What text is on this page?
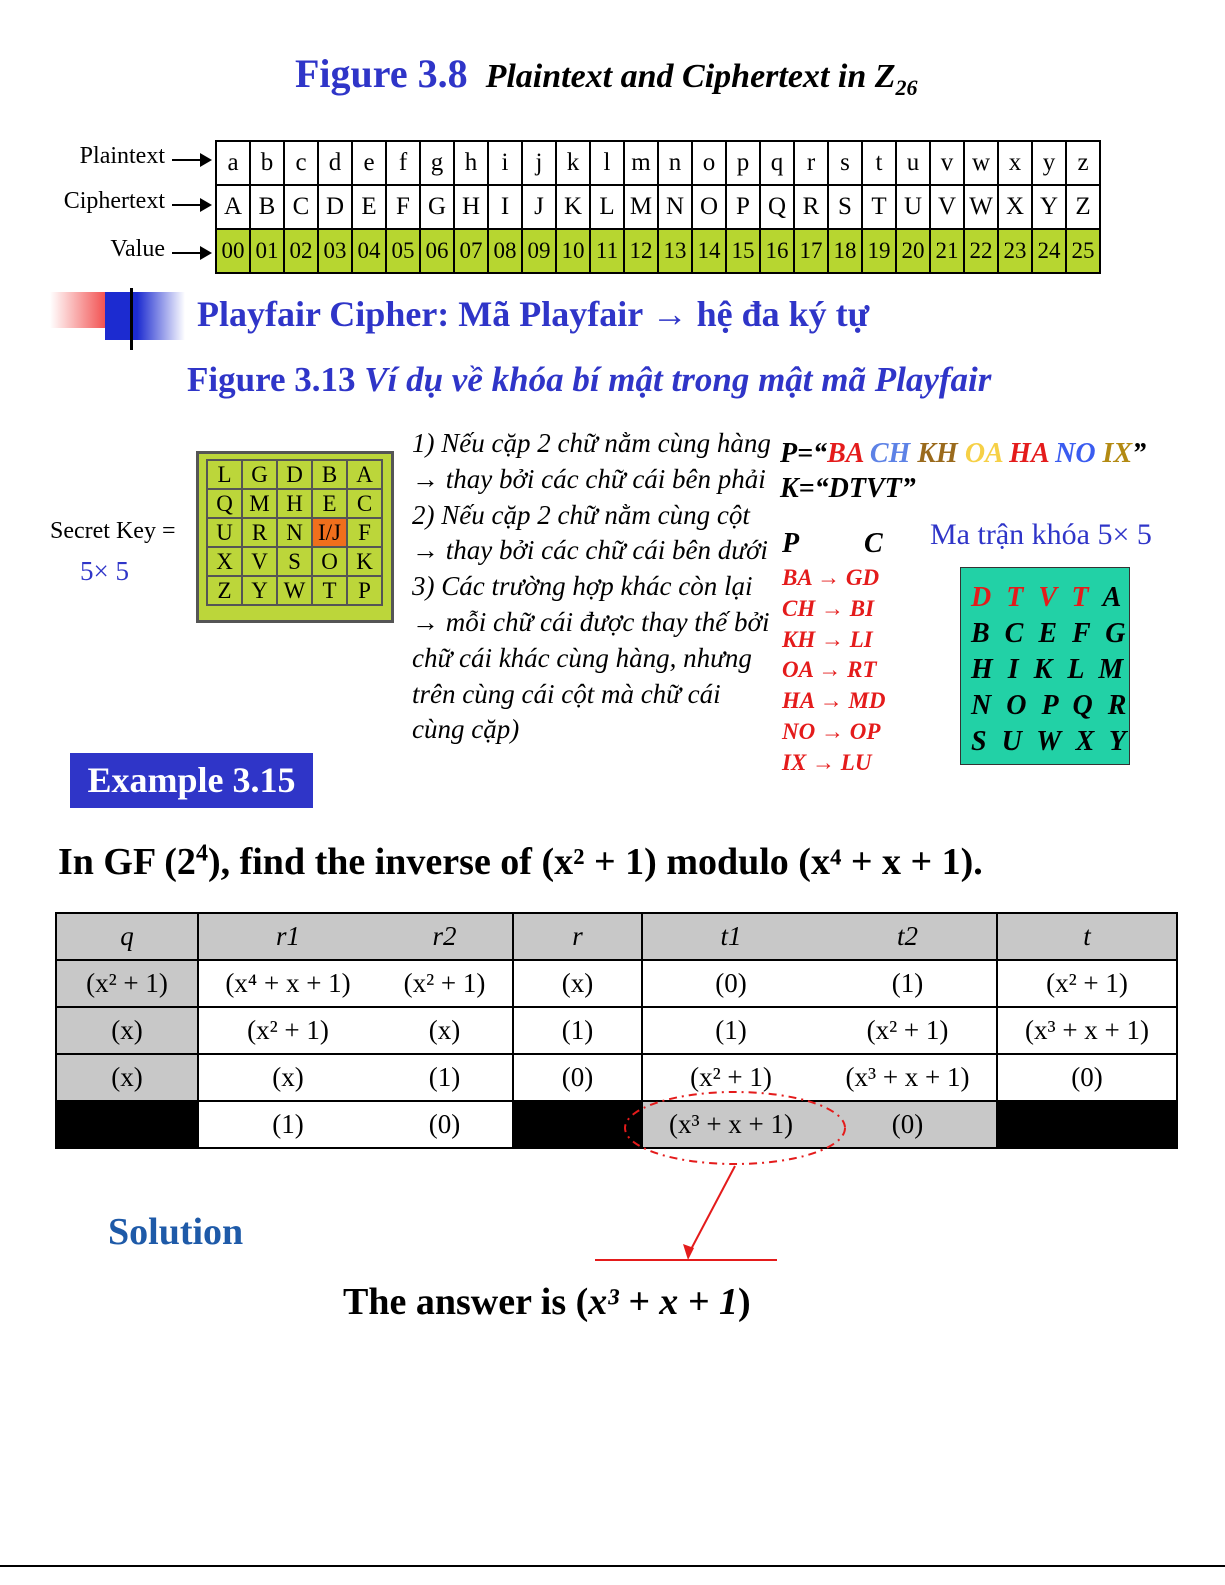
Figure 3.8 Plaintext and Ciphertext in $Z_{26}$
Plaintext
Ciphertext
Value
a	b	c	d	e	f	g	h	i	j	k	l	m	n	o	p	q	r	s	t	u	v	w	x	y	z
A	B	C	D	E	F	G	H	I	J	K	L	M	N	O	P	Q	R	S	T	U	V	W	X	Y	Z
00	01	02	03	04	05	06	07	08	09	10	11	12	13	14	15	16	17	18	19	20	21	22	23	24	25
Playfair Cipher: Mã Playfair → hệ đa ký tự
Figure 3.13 Ví dụ về khóa bí mật trong mật mã Playfair
Secret Key =
5× 5
L	G	D	B	A
Q	M	H	E	C
U	R	N	I/J	F
X	V	S	O	K
Z	Y	W	T	P

1) Nếu cặp 2 chữ nằm cùng hàng → thay bởi các chữ cái bên phải

2) Nếu cặp 2 chữ nằm cùng cột → thay bởi các chữ cái bên dưới

3) Các trường hợp khác còn lại → mỗi chữ cái được thay thế bởi chữ cái khác cùng hàng, nhưng trên cùng cái cột mà chữ cái cùng cặp)

P=“BA CH KH OA HA NO IX”
K=“DTVT”
P C
BA → GD
CH → BI
KH → LI
OA → RT
HA → MD
NO → OP
IX → LU
Ma trận khóa 5× 5
D T V T A
B C E F G
H I K L M
N O P Q R
S U W X Y
Example 3.15
In GF $(2^4)$, find the inverse of (x² + 1) modulo (x⁴ + x + 1).
q	r1	r2	r	t1	t2	t
(x² + 1)	(x⁴ + x + 1)	(x² + 1)	(x)	(0)	(1)	(x² + 1)
(x)	(x² + 1)	(x)	(1)	(1)	(x² + 1)	(x³ + x + 1)
(x)	(x)	(1)	(0)	(x² + 1)	(x³ + x + 1)	(0)
	(1)	(0)		(x³ + x + 1)	(0)	
Solution
The answer is (x³ + x + 1)
